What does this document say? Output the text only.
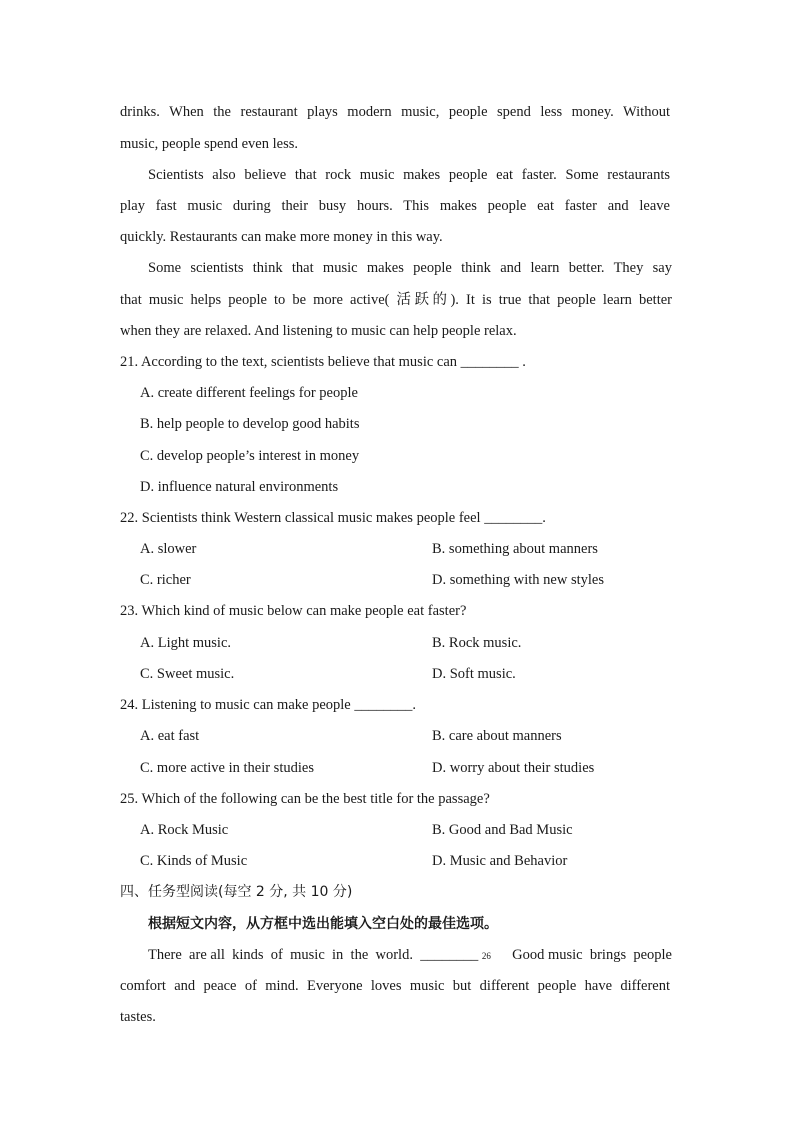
drinks. When the restaurant plays modern music, people spend less money. Without
music, people spend even less.
Scientists also believe that rock music makes people eat faster. Some restaurants
play fast music during their busy hours. This makes people eat faster and leave
quickly. Restaurants can make more money in this way.
Some scientists think that music makes people think and learn better. They say
that music helps people to be more active( 活跃的). It is true that people learn better
when they are relaxed. And listening to music can help people relax.
21. According to the text, scientists believe that music can ________ .
A. create different feelings for people
B. help people to develop good habits
C. develop people’s interest in money
D. influence natural environments
22. Scientists think Western classical music makes people feel ________.
A. slower	B. something about manners
C. richer	D. something with new styles
23. Which kind of music below can make people eat faster?
A. Light music.	B. Rock music.
C. Sweet music.	D. Soft music.
24. Listening to music can make people ________.
A. eat fast	B. care about manners
C. more active in their studies	D. worry about their studies
25. Which of the following can be the best title for the passage?
A. Rock Music	B. Good and Bad Music
C. Kinds of Music	D. Music and Behavior
四、任务型阅读(每空 2 分, 共 10 分)
根据短文内容，从方框中选出能填入空白处的最佳选项。
There  are all  kinds  of  music  in  the  world.  ________ 26 Good music  brings  people
comfort and peace of mind. Everyone loves music but different people have different
tastes.
